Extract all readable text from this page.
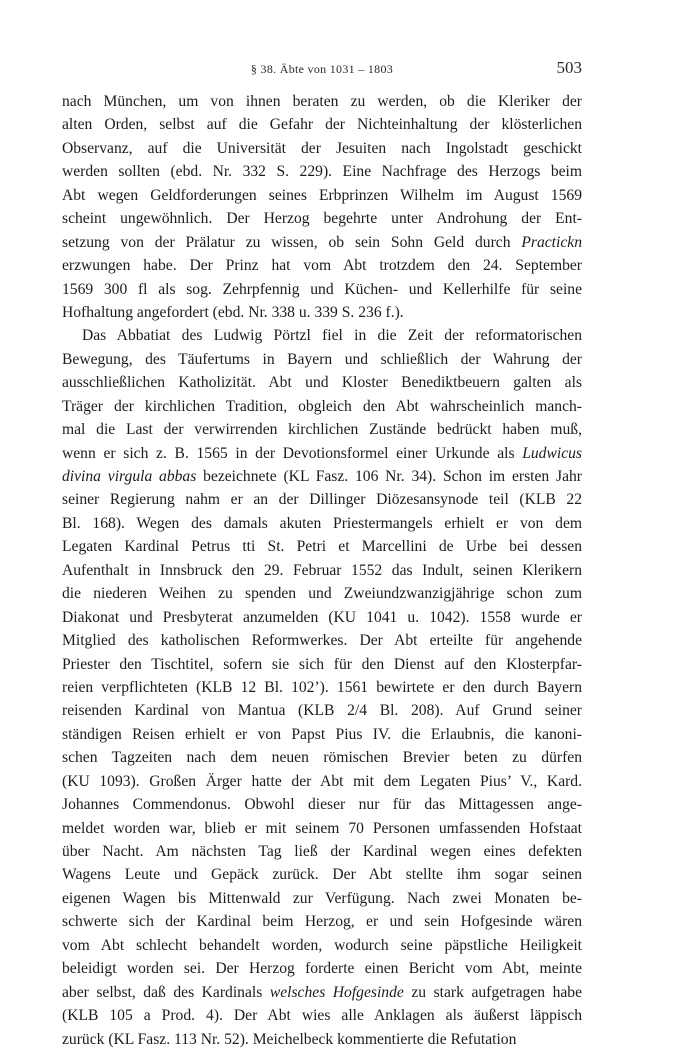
§ 38. Äbte von 1031 – 1803	503
nach München, um von ihnen beraten zu werden, ob die Kleriker der
alten Orden, selbst auf die Gefahr der Nichteinhaltung der klösterlichen
Observanz, auf die Universität der Jesuiten nach Ingolstadt geschickt
werden sollten (ebd. Nr. 332 S. 229). Eine Nachfrage des Herzogs beim
Abt wegen Geldforderungen seines Erbprinzen Wilhelm im August 1569
scheint ungewöhnlich. Der Herzog begehrte unter Androhung der Ent-
setzung von der Prälatur zu wissen, ob sein Sohn Geld durch Practickn
erzwungen habe. Der Prinz hat vom Abt trotzdem den 24. September
1569 300 fl als sog. Zehrpfennig und Küchen- und Kellerhilfe für seine
Hofhaltung angefordert (ebd. Nr. 338 u. 339 S. 236 f.).
Das Abbatiat des Ludwig Pörtzl fiel in die Zeit der reformatorischen
Bewegung, des Täufertums in Bayern und schließlich der Wahrung der
ausschließlichen Katholizität. Abt und Kloster Benediktbeuern galten als
Träger der kirchlichen Tradition, obgleich den Abt wahrscheinlich manch-
mal die Last der verwirrenden kirchlichen Zustände bedrückt haben muß,
wenn er sich z. B. 1565 in der Devotionsformel einer Urkunde als Ludwicus
divina virgula abbas bezeichnete (KL Fasz. 106 Nr. 34). Schon im ersten Jahr
seiner Regierung nahm er an der Dillinger Diözesansynode teil (KLB 22
Bl. 168). Wegen des damals akuten Priestermangels erhielt er von dem
Legaten Kardinal Petrus tti St. Petri et Marcellini de Urbe bei dessen
Aufenthalt in Innsbruck den 29. Februar 1552 das Indult, seinen Klerikern
die niederen Weihen zu spenden und Zweiundzwanzigjährige schon zum
Diakonat und Presbyterat anzumelden (KU 1041 u. 1042). 1558 wurde er
Mitglied des katholischen Reformwerkes. Der Abt erteilte für angehende
Priester den Tischtitel, sofern sie sich für den Dienst auf den Klosterpfar-
reien verpflichteten (KLB 12 Bl. 102’). 1561 bewirtete er den durch Bayern
reisenden Kardinal von Mantua (KLB 2/4 Bl. 208). Auf Grund seiner
ständigen Reisen erhielt er von Papst Pius IV. die Erlaubnis, die kanoni-
schen Tagzeiten nach dem neuen römischen Brevier beten zu dürfen
(KU 1093). Großen Ärger hatte der Abt mit dem Legaten Pius’ V., Kard.
Johannes Commendonus. Obwohl dieser nur für das Mittagessen ange-
meldet worden war, blieb er mit seinem 70 Personen umfassenden Hofstaat
über Nacht. Am nächsten Tag ließ der Kardinal wegen eines defekten
Wagens Leute und Gepäck zurück. Der Abt stellte ihm sogar seinen
eigenen Wagen bis Mittenwald zur Verfügung. Nach zwei Monaten be-
schwerte sich der Kardinal beim Herzog, er und sein Hofgesinde wären
vom Abt schlecht behandelt worden, wodurch seine päpstliche Heiligkeit
beleidigt worden sei. Der Herzog forderte einen Bericht vom Abt, meinte
aber selbst, daß des Kardinals welsches Hofgesinde zu stark aufgetragen habe
(KLB 105 a Prod. 4). Der Abt wies alle Anklagen als äußerst läppisch
zurück (KL Fasz. 113 Nr. 52). Meichelbeck kommentierte die Refutation
